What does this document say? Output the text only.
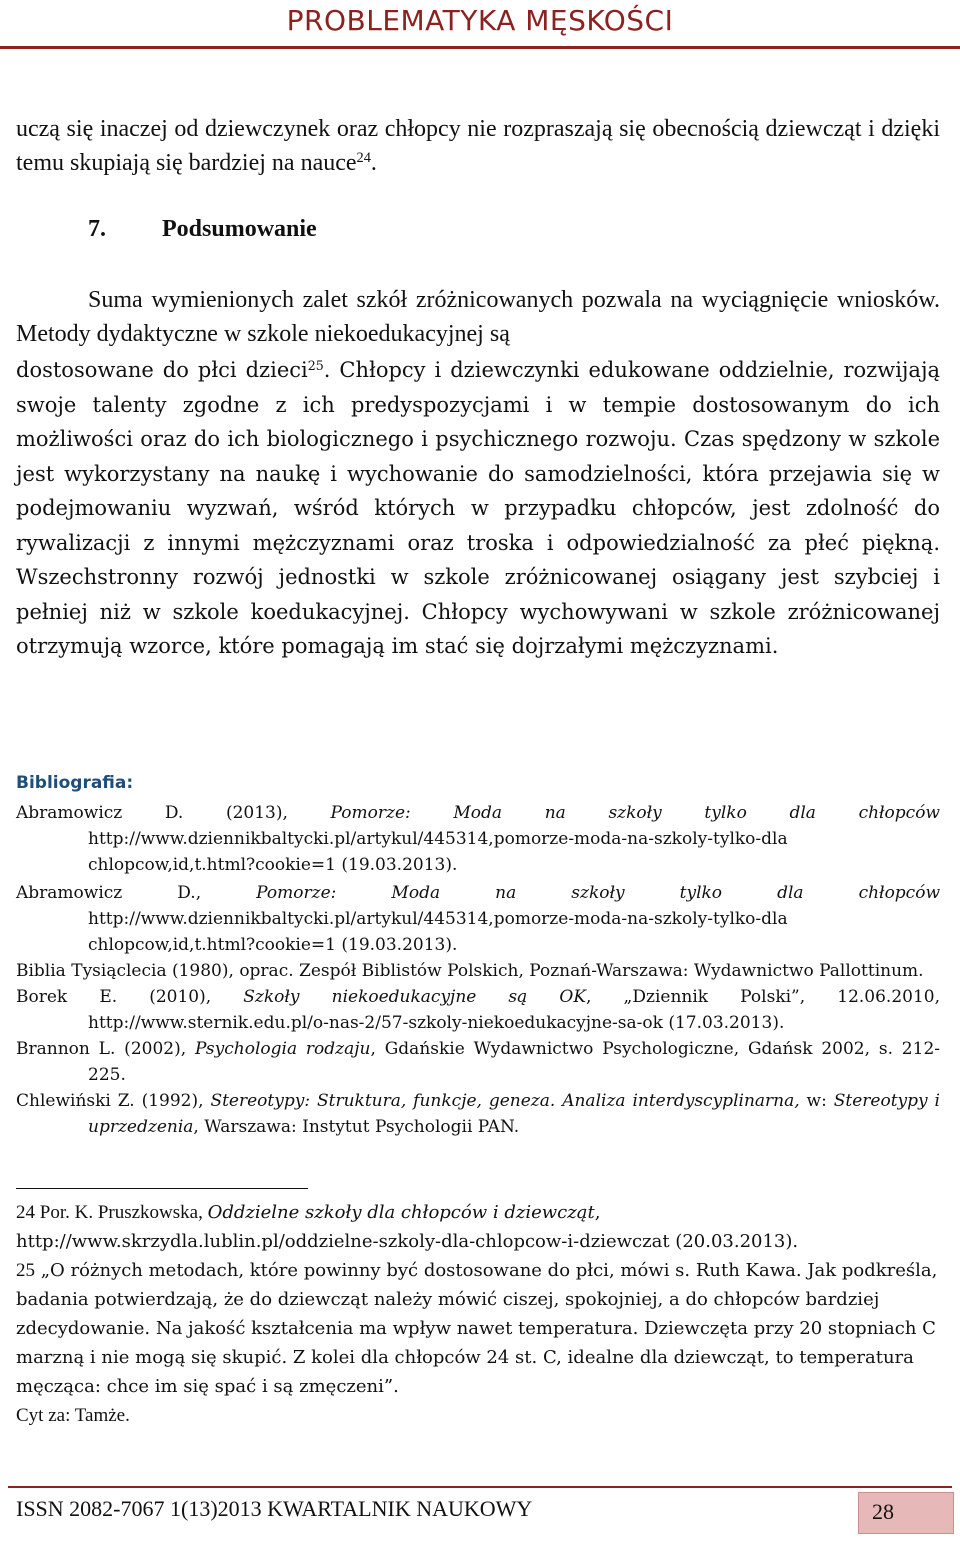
PROBLEMATYKA MĘSKOŚCI
uczą się inaczej od dziewczynek oraz chłopcy nie rozpraszają się obecnością dziewcząt i dzięki temu skupiają się bardziej na nauce$^{24}$.
7. Podsumowanie
Suma wymienionych zalet szkół zróżnicowanych pozwala na wyciągnięcie wniosków. Metody dydaktyczne w szkole niekoedukacyjnej są
dostosowane do płci dzieci$^{25}$. Chłopcy i dziewczynki edukowane oddzielnie, rozwijają swoje talenty zgodne z ich predyspozycjami i w tempie dostosowanym do ich możliwości oraz do ich biologicznego i psychicznego rozwoju. Czas spędzony w szkole jest wykorzystany na naukę i wychowanie do samodzielności, która przejawia się w podejmowaniu wyzwań, wśród których w przypadku chłopców, jest zdolność do rywalizacji z innymi mężczyznami oraz troska i odpowiedzialność za płeć piękną. Wszechstronny rozwój jednostki w szkole zróżnicowanej osiągany jest szybciej i pełniej niż w szkole koedukacyjnej. Chłopcy wychowywani w szkole zróżnicowanej otrzymują wzorce, które pomagają im stać się dojrzałymi mężczyznami.
Bibliografia:

Abramowicz D. (2013), Pomorze: Moda na szkoły tylko dla chłopców http://www.dziennikbaltycki.pl/artykul/445314,pomorze-moda-na-szkoly-tylko-dla chlopcow,id,t.html?cookie=1 (19.03.2013).

Abramowicz D., Pomorze: Moda na szkoły tylko dla chłopców http://www.dziennikbaltycki.pl/artykul/445314,pomorze-moda-na-szkoly-tylko-dla chlopcow,id,t.html?cookie=1 (19.03.2013).

Biblia Tysiąclecia (1980), oprac. Zespół Biblistów Polskich, Poznań-Warszawa: Wydawnictwo Pallottinum.

Borek E. (2010), Szkoły niekoedukacyjne są OK, „Dziennik Polski”, 12.06.2010, http://www.sternik.edu.pl/o-nas-2/57-szkoly-niekoedukacyjne-sa-ok (17.03.2013).

Brannon L. (2002), Psychologia rodzaju, Gdańskie Wydawnictwo Psychologiczne, Gdańsk 2002, s. 212-225.

Chlewiński Z. (1992), Stereotypy: Struktura, funkcje, geneza. Analiza interdyscyplinarna, w: Stereotypy i uprzedzenia, Warszawa: Instytut Psychologii PAN.

24 Por. K. Pruszkowska, Oddzielne szkoły dla chłopców i dziewcząt, http://www.skrzydla.lublin.pl/oddzielne-szkoly-dla-chlopcow-i-dziewczat (20.03.2013).
25 „O różnych metodach, które powinny być dostosowane do płci, mówi s. Ruth Kawa. Jak podkreśla, badania potwierdzają, że do dziewcząt należy mówić ciszej, spokojniej, a do chłopców bardziej zdecydowanie. Na jakość kształcenia ma wpływ nawet temperatura. Dziewczęta przy 20 stopniach C marzną i nie mogą się skupić. Z kolei dla chłopców 24 st. C, idealne dla dziewcząt, to temperatura męcząca: chce im się spać i są zmęczeni”.
Cyt za: Tamże.
ISSN 2082-7067 1(13)2013 KWARTALNIK NAUKOWY	28
